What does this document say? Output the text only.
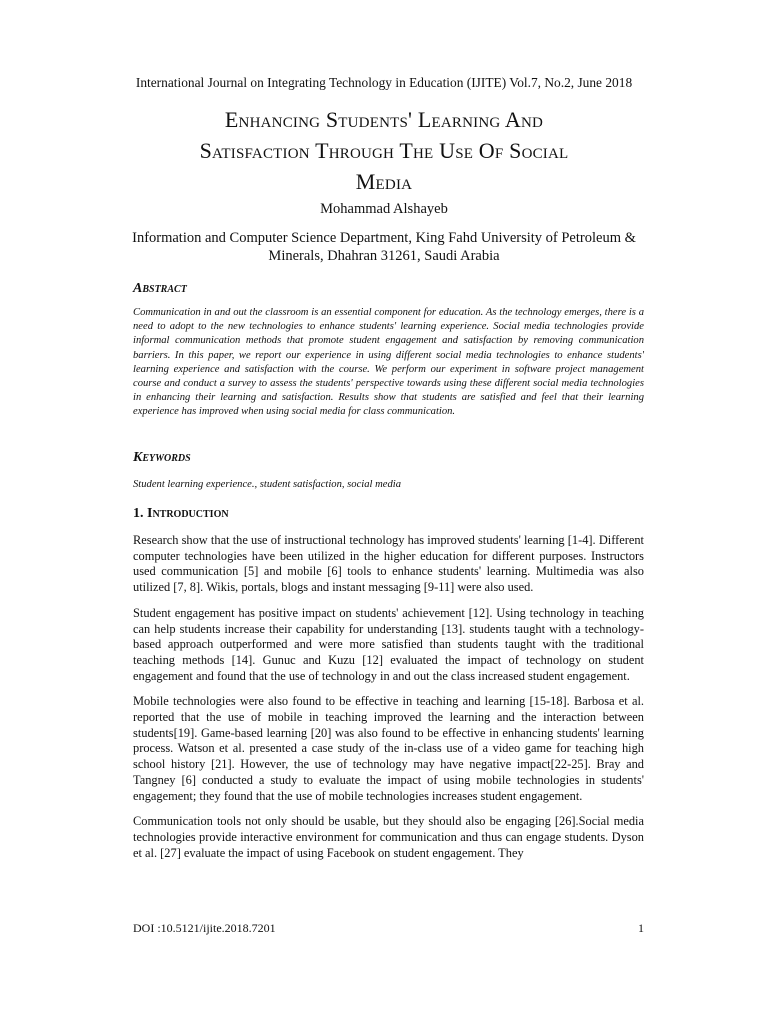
International Journal on Integrating Technology in Education (IJITE) Vol.7, No.2, June 2018
Enhancing Students' Learning And
Satisfaction Through The Use Of Social
Media
Mohammad Alshayeb
Information and Computer Science Department, King Fahd University of Petroleum &
Minerals, Dhahran 31261, Saudi Arabia
Abstract
Communication in and out the classroom is an essential component for education. As the technology emerges, there is a need to adopt to the new technologies to enhance students' learning experience. Social media technologies provide informal communication methods that promote student engagement and satisfaction by removing communication barriers. In this paper, we report our experience in using different social media technologies to enhance students' learning experience and satisfaction with the course. We perform our experiment in software project management course and conduct a survey to assess the students' perspective towards using these different social media technologies in enhancing their learning and satisfaction. Results show that students are satisfied and feel that their learning experience has improved when using social media for class communication.
Keywords
Student learning experience., student satisfaction, social media
1. Introduction

Research show that the use of instructional technology has improved students' learning [1-4]. Different computer technologies have been utilized in the higher education for different purposes. Instructors used communication [5] and mobile [6] tools to enhance students' learning. Multimedia was also utilized [7, 8]. Wikis, portals, blogs and instant messaging [9-11] were also used.

Student engagement has positive impact on students' achievement [12]. Using technology in teaching can help students increase their capability for understanding [13]. students taught with a technology-based approach outperformed and were more satisfied than students taught with the traditional teaching methods [14]. Gunuc and Kuzu [12] evaluated the impact of technology on student engagement and found that the use of technology in and out the class increased student engagement.

Mobile technologies were also found to be effective in teaching and learning [15-18]. Barbosa et al. reported that the use of mobile in teaching improved the learning and the interaction between students[19]. Game-based learning [20] was also found to be effective in enhancing students' learning process. Watson et al. presented a case study of the in-class use of a video game for teaching high school history [21]. However, the use of technology may have negative impact[22-25]. Bray and Tangney [6] conducted a study to evaluate the impact of using mobile technologies in students' engagement; they found that the use of mobile technologies increases student engagement.

Communication tools not only should be usable, but they should also be engaging [26].Social media technologies provide interactive environment for communication and thus can engage students. Dyson et al. [27] evaluate the impact of using Facebook on student engagement. They

DOI :10.5121/ijite.2018.7201	1
